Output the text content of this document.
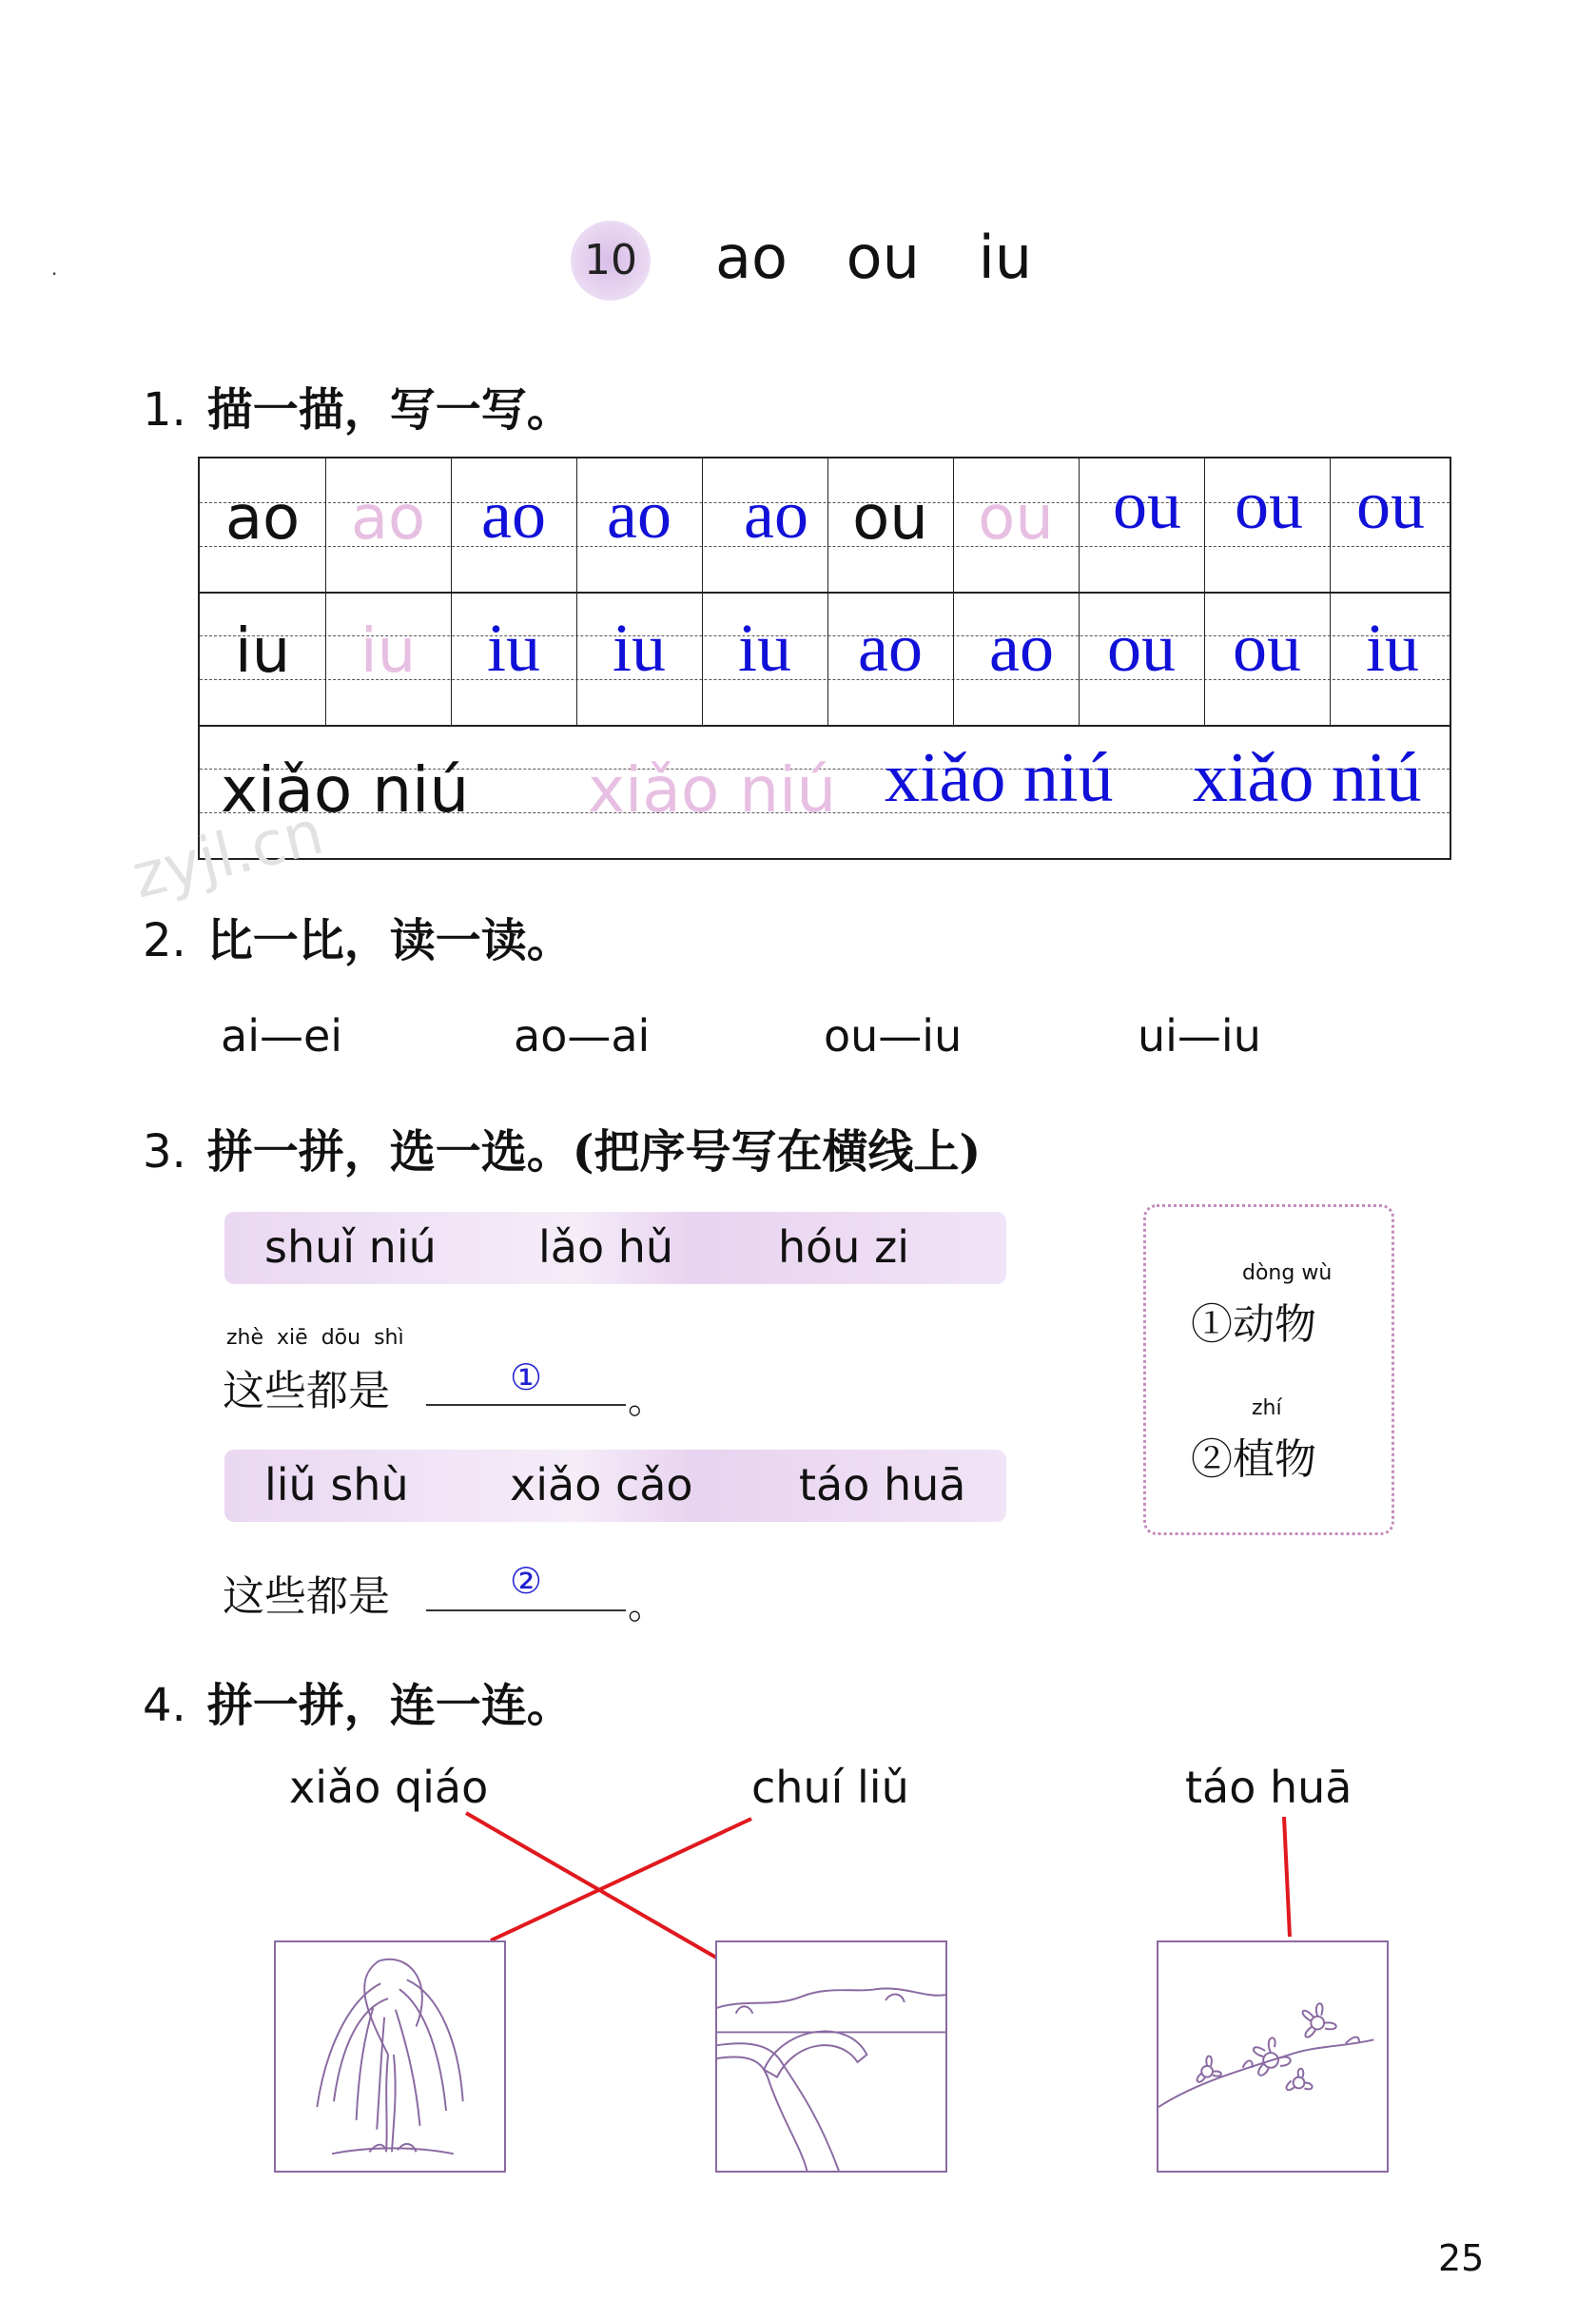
·	10 ao ou iu
1. 描一描，写一写。
ao ao ao ao	ao ou ou ou ou ou
iu	iu	iu	iu	iu ao ao ou ou iu
xiǎo niú xiǎo niú xiǎo niú xiǎo niú
zyjl.cn
2. 比一比，读一读。
ai—ei	ao—ai	ou—iu	ui—iu
3. 拼一拼，选一选。(把序号写在横线上)
shuǐ niú lǎo hǔ hóu zi
zhè xiē dōu shì
这些都是	①
。
liǔ shù xiǎo cǎo táo huā
这些都是	②
。
dòng wù
①动物
zhí
②植物
4. 拼一拼，连一连。
xiǎo qiáo	chuí liǔ	táo huā
25
